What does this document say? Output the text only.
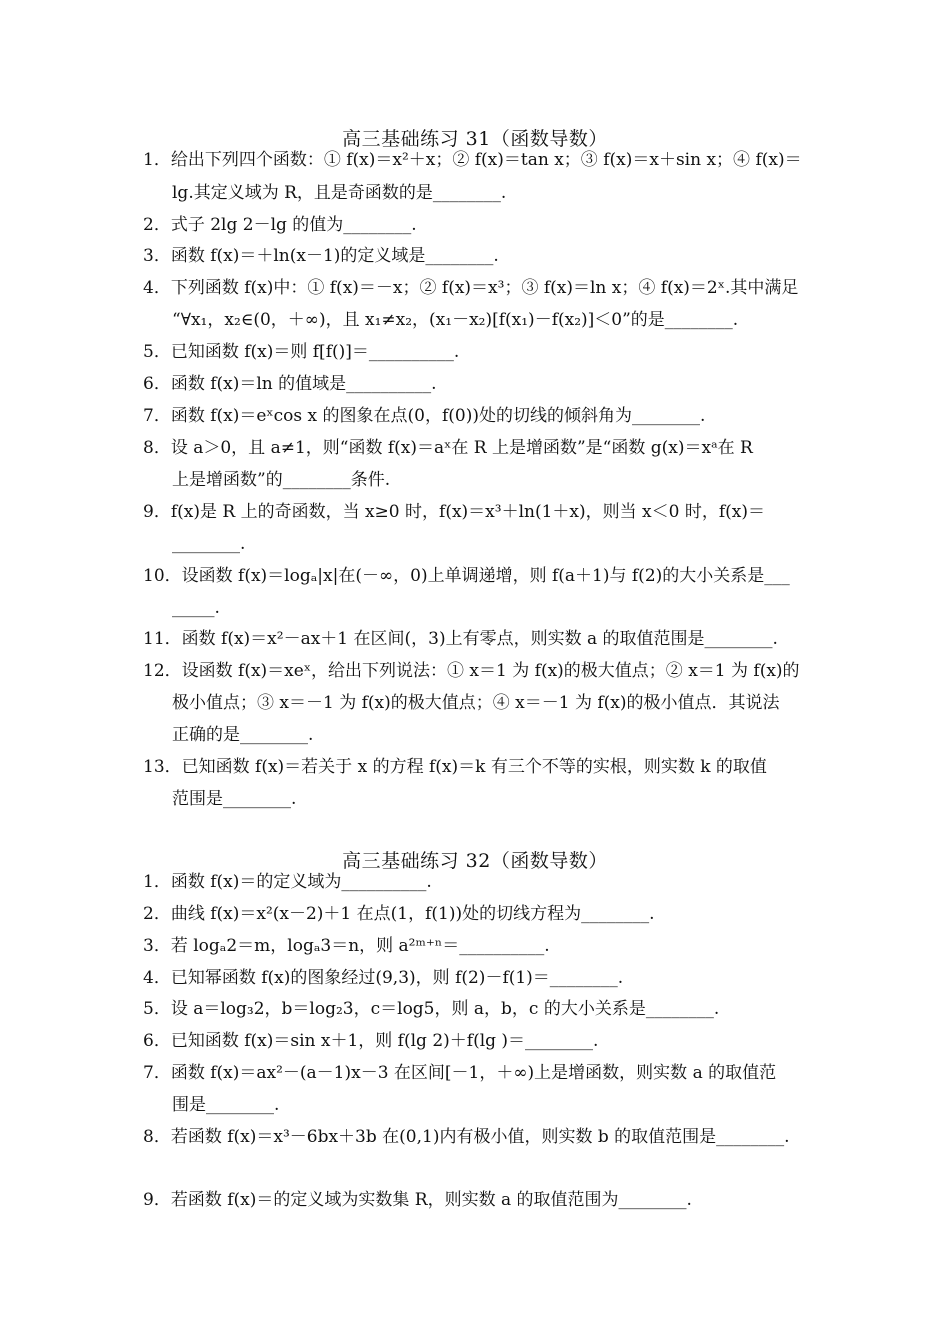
高三基础练习 31（函数导数）
1．给出下列四个函数：① f(x)＝x²＋x；② f(x)＝tan x；③ f(x)＝x＋sin x；④ f(x)＝
lg.其定义域为 R，且是奇函数的是________.
2．式子 2lg 2－lg 的值为________.
3．函数 f(x)＝＋ln(x－1)的定义域是________.
4．下列函数 f(x)中：① f(x)＝－x；② f(x)＝x³；③ f(x)＝ln x；④ f(x)＝2ˣ.其中满足
“∀x₁，x₂∈(0，＋∞)，且 x₁≠x₂，(x₁－x₂)[f(x₁)－f(x₂)]＜0”的是________.
5．已知函数 f(x)＝则 f[f()]＝__________.
6．函数 f(x)＝ln 的值域是__________.
7．函数 f(x)＝eˣcos x 的图象在点(0，f(0))处的切线的倾斜角为________.
8．设 a＞0，且 a≠1，则“函数 f(x)＝aˣ在 R 上是增函数”是“函数 g(x)＝xᵃ在 R
上是增函数”的________条件.
9．f(x)是 R 上的奇函数，当 x≥0 时，f(x)＝x³＋ln(1＋x)，则当 x＜0 时，f(x)＝
________.
10．设函数 f(x)＝logₐ|x|在(－∞，0)上单调递增，则 f(a＋1)与 f(2)的大小关系是___
_____.
11．函数 f(x)＝x²－ax＋1 在区间(，3)上有零点，则实数 a 的取值范围是________.
12．设函数 f(x)＝xeˣ，给出下列说法：① x＝1 为 f(x)的极大值点；② x＝1 为 f(x)的
极小值点；③ x＝－1 为 f(x)的极大值点；④ x＝－1 为 f(x)的极小值点．其说法
正确的是________.
13．已知函数 f(x)＝若关于 x 的方程 f(x)＝k 有三个不等的实根，则实数 k 的取值
范围是________.
高三基础练习 32（函数导数）
1．函数 f(x)＝的定义域为__________.
2．曲线 f(x)＝x²(x－2)＋1 在点(1，f(1))处的切线方程为________.
3．若 logₐ2＝m，logₐ3＝n，则 a²ᵐ⁺ⁿ＝__________.
4．已知幂函数 f(x)的图象经过(9,3)，则 f(2)－f(1)＝________.
5．设 a＝log₃2，b＝log₂3，c＝log5，则 a，b，c 的大小关系是________.
6．已知函数 f(x)＝sin x＋1，则 f(lg 2)＋f(lg )＝________.
7．函数 f(x)＝ax²－(a－1)x－3 在区间[－1，＋∞)上是增函数，则实数 a 的取值范
围是________.
8．若函数 f(x)＝x³－6bx＋3b 在(0,1)内有极小值，则实数 b 的取值范围是________.
9．若函数 f(x)＝的定义域为实数集 R，则实数 a 的取值范围为________.
